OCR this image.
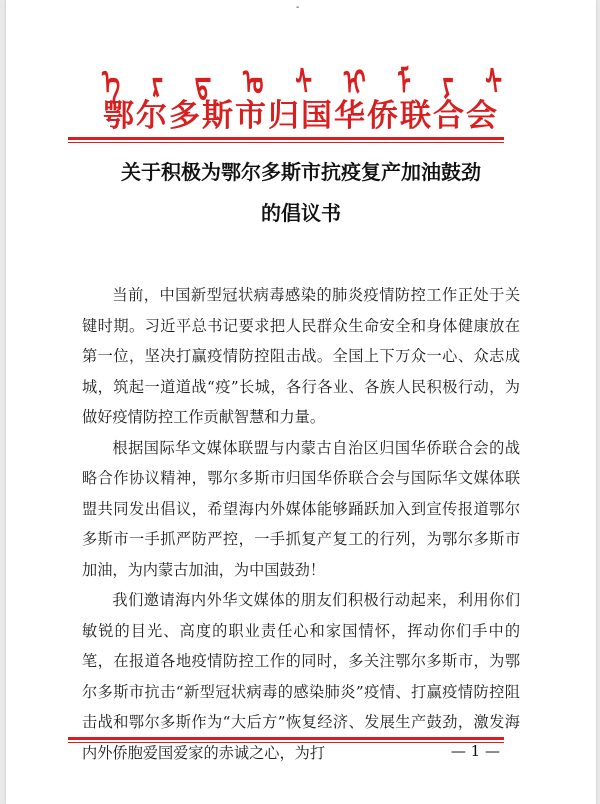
-
ᠡ ᠷ ᠳ ᠣ ᠰ ᠢ ᠮ ᠶ ᠰ
鄂尔多斯市归国华侨联合会
关于积极为鄂尔多斯市抗疫复产加油鼓劲
的倡议书

当前，中国新型冠状病毒感染的肺炎疫情防控工作正处于关键时期。习近平总书记要求把人民群众生命安全和身体健康放在第一位，坚决打赢疫情防控阻击战。全国上下万众一心、众志成城，筑起一道道战“疫”长城，各行各业、各族人民积极行动，为做好疫情防控工作贡献智慧和力量。

根据国际华文媒体联盟与内蒙古自治区归国华侨联合会的战略合作协议精神，鄂尔多斯市归国华侨联合会与国际华文媒体联盟共同发出倡议，希望海内外媒体能够踊跃加入到宣传报道鄂尔多斯市一手抓严防严控，一手抓复产复工的行列，为鄂尔多斯市加油，为内蒙古加油，为中国鼓劲！

我们邀请海内外华文媒体的朋友们积极行动起来，利用你们敏锐的目光、高度的职业责任心和家国情怀，挥动你们手中的笔，在报道各地疫情防控工作的同时，多关注鄂尔多斯市，为鄂尔多斯市抗击“新型冠状病毒的感染肺炎”疫情、打赢疫情防控阻击战和鄂尔多斯作为“大后方”恢复经济、发展生产鼓劲，激发海内外侨胞爱国爱家的赤诚之心，为打	— 1 —
